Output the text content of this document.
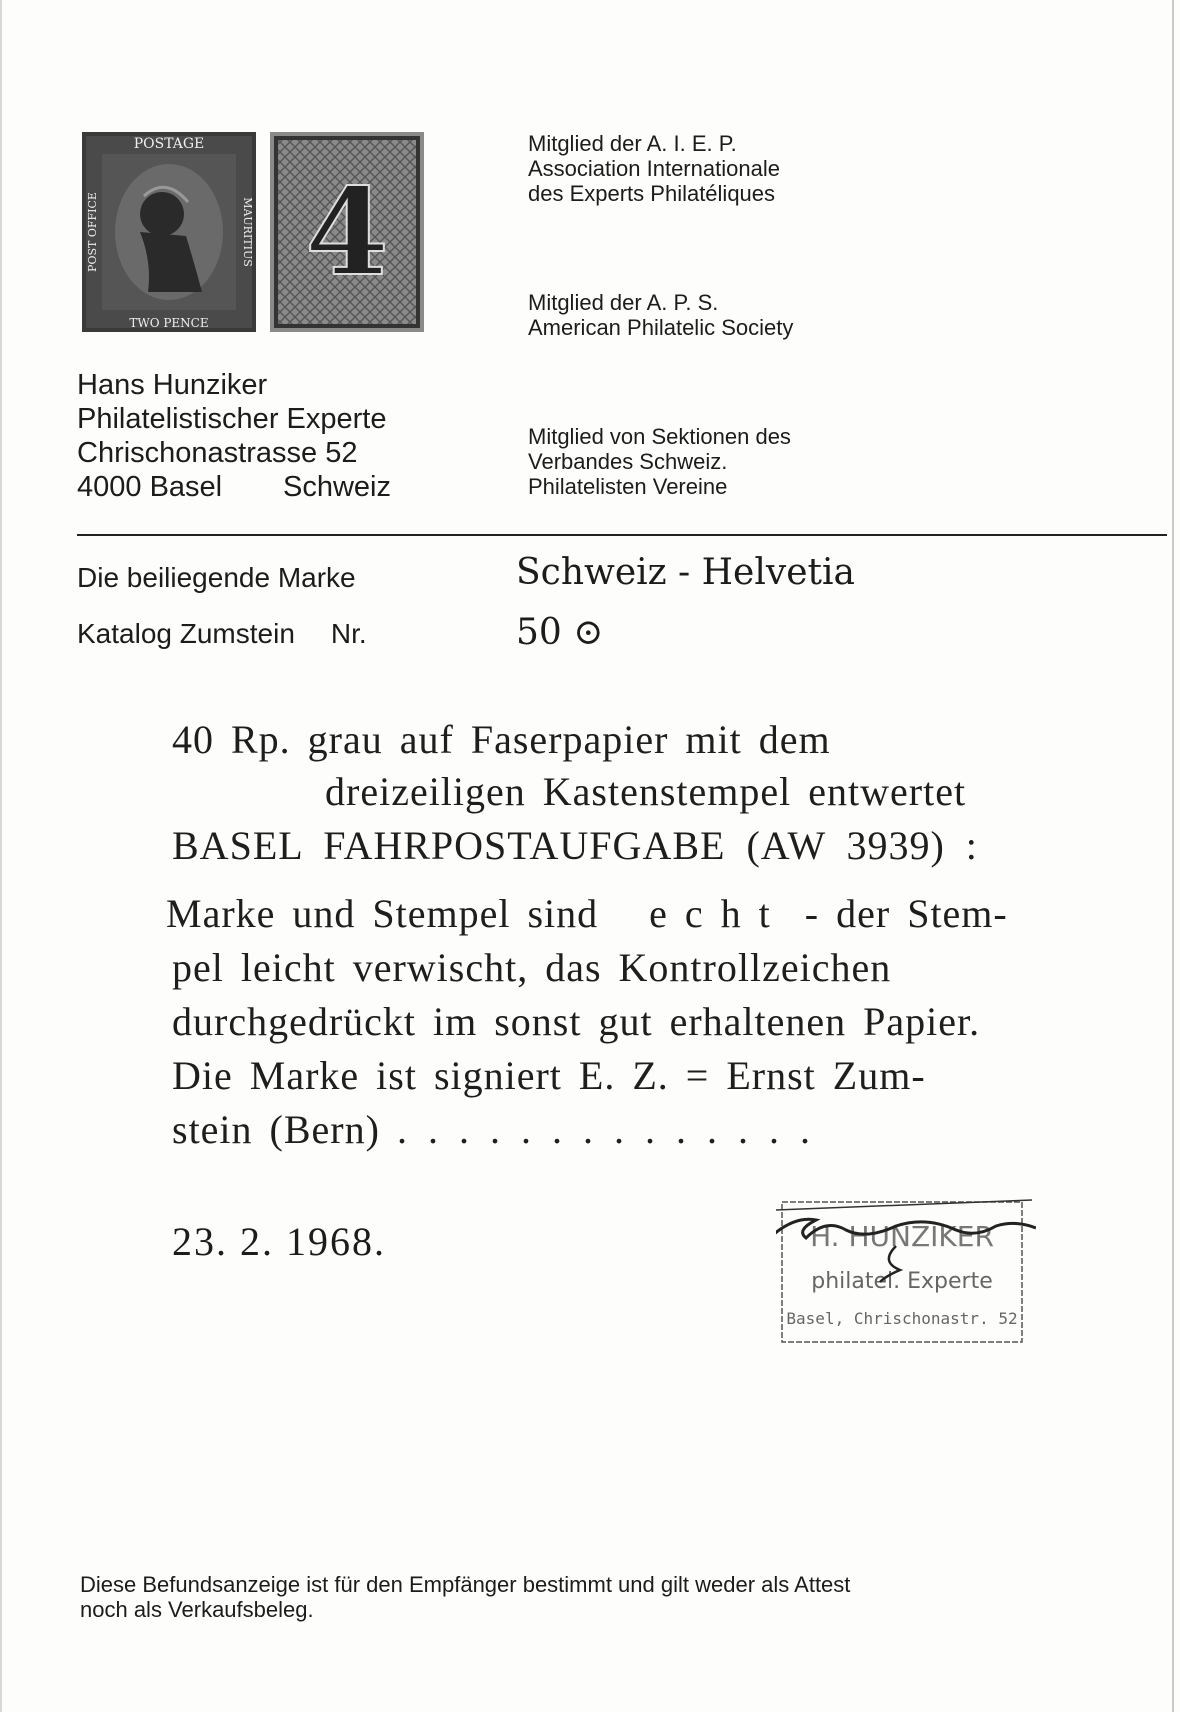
POSTAGE
TWO PENCE
POST OFFICE	MAURITIUS 4
Mitglied der A. I. E. P.
Association Internationale
des Experts Philatéliques
Mitglied der A. P. S.
American Philatelic Society
Mitglied von Sektionen des
Verbandes Schweiz.
Philatelisten Vereine
Hans Hunziker
Philatelistischer Experte
Chrischonastrasse 52
4000 Basel Schweiz
Die beiliegende Marke	Schweiz - Helvetia
Katalog Zumstein Nr.	50 ⊙
40 Rp. grau auf Faserpapier mit dem
dreizeiligen Kastenstempel entwertet
BASEL FAHRPOSTAUFGABE (AW 3939) :
Marke und Stempel sind echt - der Stem-
pel leicht verwischt, das Kontrollzeichen
durchgedrückt im sonst gut erhaltenen Papier.
Die Marke ist signiert E. Z. = Ernst Zum-
stein (Bern) ..............
23. 2. 1968.	H. HUNZIKER
philatel. Experte
Basel, Chrischonastr. 52
Diese Befundsanzeige ist für den Empfänger bestimmt und gilt weder als Attest
noch als Verkaufsbeleg.
